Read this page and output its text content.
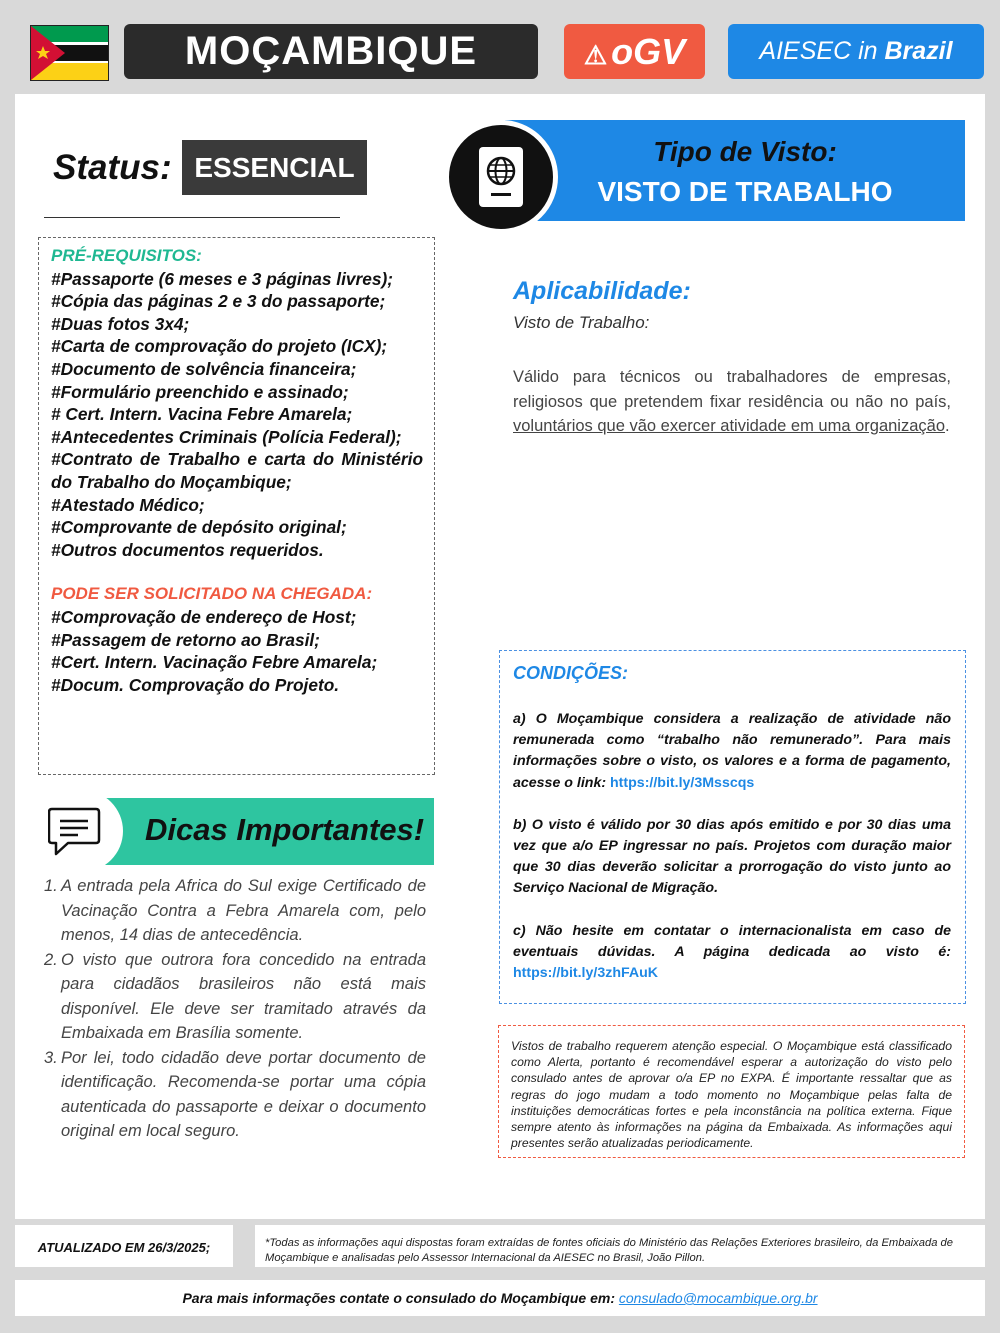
MOÇAMBIQUE	⚠︎ oGV	AIESEC in Brazil
Status: ESSENCIAL
Tipo de Visto:
VISTO DE TRABALHO
PRÉ-REQUISITOS:
#Passaporte (6 meses e 3 páginas livres);
#Cópia das páginas 2 e 3 do passaporte;
#Duas fotos 3x4;
#Carta de comprovação do projeto (ICX);
#Documento de solvência financeira;
#Formulário preenchido e assinado;
# Cert. Intern. Vacina Febre Amarela;
#Antecedentes Criminais (Polícia Federal);
#Contrato de Trabalho e carta do Ministério do Trabalho do Moçambique;
#Atestado Médico;
#Comprovante de depósito original;
#Outros documentos requeridos.
PODE SER SOLICITADO NA CHEGADA:
#Comprovação de endereço de Host;
#Passagem de retorno ao Brasil;
#Cert. Intern. Vacinação Febre Amarela;
#Docum. Comprovação do Projeto.
Aplicabilidade:
Visto de Trabalho:
Válido para técnicos ou trabalhadores de empresas, religiosos que pretendem fixar residência ou não no país, voluntários que vão exercer atividade em uma organização.
CONDIÇÕES:

a) O Moçambique considera a realização de atividade não remunerada como “trabalho não remunerado”. Para mais informações sobre o visto, os valores e a forma de pagamento, acesse o link: https://bit.ly/3Msscqs

b) O visto é válido por 30 dias após emitido e por 30 dias uma vez que a/o EP ingressar no país. Projetos com duração maior que 30 dias deverão solicitar a prorrogação do visto junto ao Serviço Nacional de Migração.

c) Não hesite em contatar o internacionalista em caso de eventuais dúvidas. A página dedicada ao visto é: https://bit.ly/3zhFAuK

Vistos de trabalho requerem atenção especial. O Moçambique está classificado como Alerta, portanto é recomendável esperar a autorização do visto pelo consulado antes de aprovar o/a EP no EXPA. É importante ressaltar que as regras do jogo mudam a todo momento no Moçambique pelas falta de instituições democráticas fortes e pela inconstância na política externa. Fique sempre atento às informações na página da Embaixada. As informações aqui presentes serão atualizadas periodicamente.
Dicas Importantes!
1. A entrada pela Africa do Sul exige Certificado de Vacinação Contra a Febra Amarela com, pelo menos, 14 dias de antecedência.
2. O visto que outrora fora concedido na entrada para cidadãos brasileiros não está mais disponível. Ele deve ser tramitado através da Embaixada em Brasília somente.
3. Por lei, todo cidadão deve portar documento de identificação. Recomenda-se portar uma cópia autenticada do passaporte e deixar o documento original em local seguro.
ATUALIZADO EM 26/3/2025;	*Todas as informações aqui dispostas foram extraídas de fontes oficiais do Ministério das Relações Exteriores brasileiro, da Embaixada de Moçambique e analisadas pelo Assessor Internacional da AIESEC no Brasil, João Pillon.
Para mais informações contate o consulado do Moçambique em: consulado@mocambique.org.br
